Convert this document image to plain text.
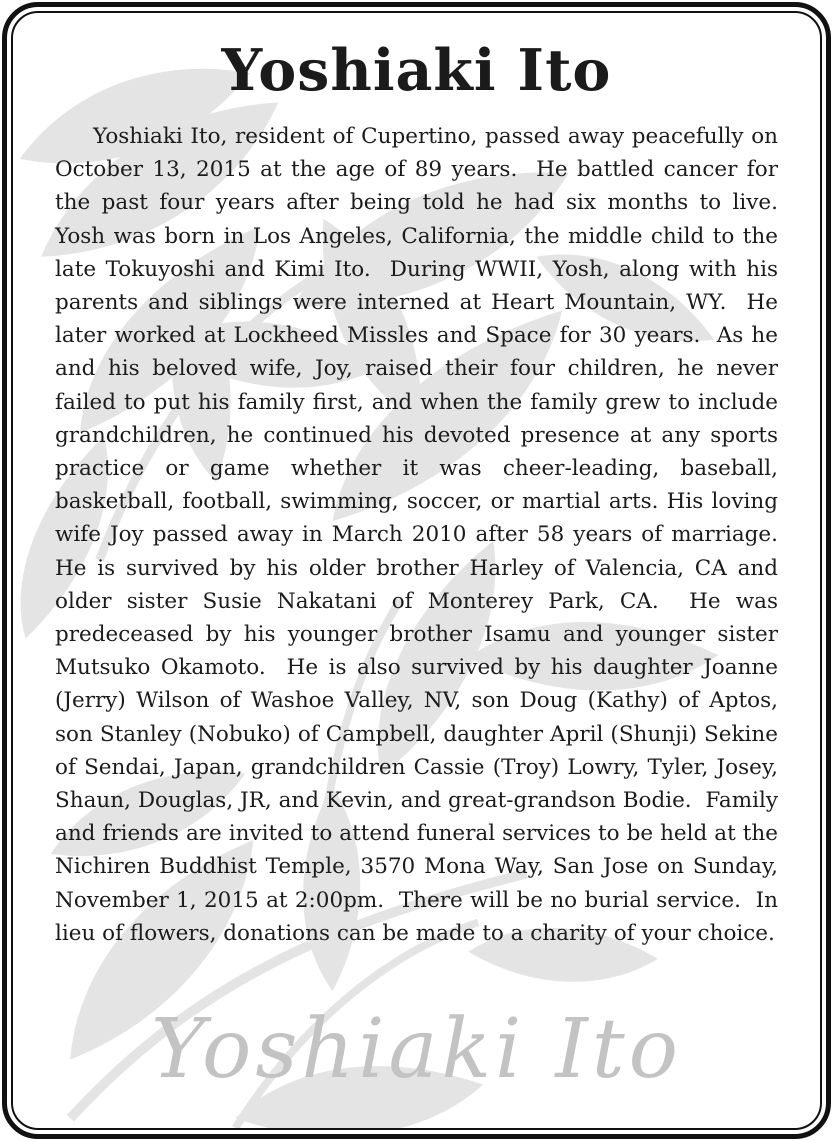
Yoshiaki Ito
Yoshiaki Ito

Yoshiaki Ito, resident of Cupertino, passed away peacefully on October 13, 2015 at the age of 89 years.  He battled cancer for the past four years after being told he had six months to live.  Yosh was born in Los Angeles, California, the middle child to the late Tokuyoshi and Kimi Ito.  During WWII, Yosh, along with his parents and siblings were interned at Heart Mountain, WY.  He later worked at Lockheed Missles and Space for 30 years.  As he and his beloved wife, Joy, raised their four children, he never failed to put his family first, and when the family grew to include grandchildren, he continued his devoted presence at any sports practice or game whether it was cheer-leading, baseball, basketball, football, swimming, soccer, or martial arts. His loving wife Joy passed away in March 2010 after 58 years of marriage.  He is survived by his older brother Harley of Valencia, CA and older sister Susie Nakatani of Monterey Park, CA.  He was predeceased by his younger brother Isamu and younger sister Mutsuko Okamoto.  He is also survived by his daughter Joanne (Jerry) Wilson of Washoe Valley, NV, son Doug (Kathy) of Aptos, son Stanley (Nobuko) of Campbell, daughter April (Shunji) Sekine of Sendai, Japan, grandchildren Cassie (Troy) Lowry, Tyler, Josey, Shaun, Douglas, JR, and Kevin, and great-grandson Bodie.  Family and friends are invited to attend funeral services to be held at the Nichiren Buddhist Temple, 3570 Mona Way, San Jose on Sunday, November 1, 2015 at 2:00pm.  There will be no burial service.  In lieu of flowers, donations can be made to a charity of your choice.
